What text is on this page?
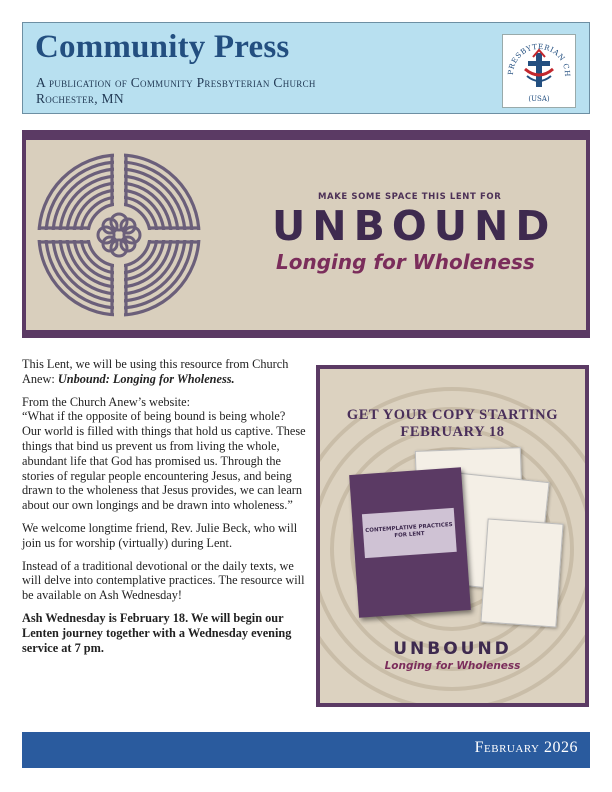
Community Press
A publication of Community Presbyterian Church
Rochester, MN
PRESBYTERIAN CH
(USA)
MAKE SOME SPACE THIS LENT FOR
UNBOUND
Longing for Wholeness

This Lent, we will be using this resource from Church Anew: Unbound: Longing for Wholeness.

From the Church Anew’s website:
“What if the opposite of being bound is being whole? Our world is filled with things that hold us captive. These things that bind us prevent us from living the whole, abundant life that God has promised us. Through the stories of regular people encountering Jesus, and being drawn to the wholeness that Jesus provides, we can learn about our own longings and be drawn into wholeness.”

We welcome longtime friend, Rev. Julie Beck, who will join us for worship (virtually) during Lent.

Instead of a traditional devotional or the daily texts, we will delve into contemplative practices. The resource will be available on Ash Wednesday!

Ash Wednesday is February 18. We will begin our Lenten journey together with a Wednesday evening service at 7 pm.

GET YOUR COPY STARTING
FEBRUARY 18
CONTEMPLATIVE PRACTICES FOR LENT
UNBOUND
Longing for Wholeness
February 2026
